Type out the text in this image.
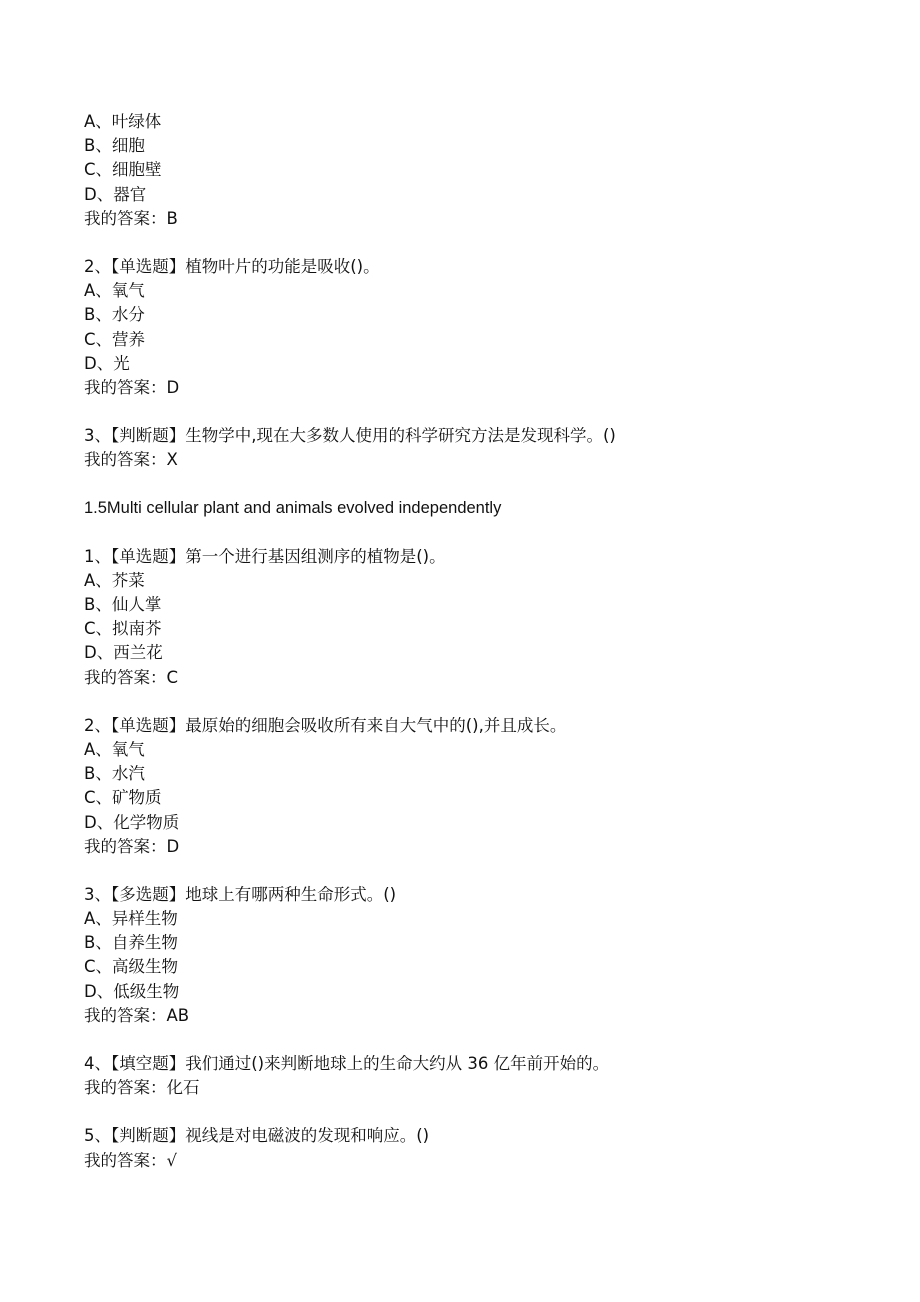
A、叶绿体
B、细胞
C、细胞壁
D、器官
我的答案：B
2、【单选题】植物叶片的功能是吸收()。
A、氧气
B、水分
C、营养
D、光
我的答案：D
3、【判断题】生物学中,现在大多数人使用的科学研究方法是发现科学。()
我的答案：X
1.5Multi cellular plant and animals evolved independently
1、【单选题】第一个进行基因组测序的植物是()。
A、芥菜
B、仙人掌
C、拟南芥
D、西兰花
我的答案：C
2、【单选题】最原始的细胞会吸收所有来自大气中的(),并且成长。
A、氧气
B、水汽
C、矿物质
D、化学物质
我的答案：D
3、【多选题】地球上有哪两种生命形式。()
A、异样生物
B、自养生物
C、高级生物
D、低级生物
我的答案：AB
4、【填空题】我们通过()来判断地球上的生命大约从 36 亿年前开始的。
我的答案：化石
5、【判断题】视线是对电磁波的发现和响应。()
我的答案：√
